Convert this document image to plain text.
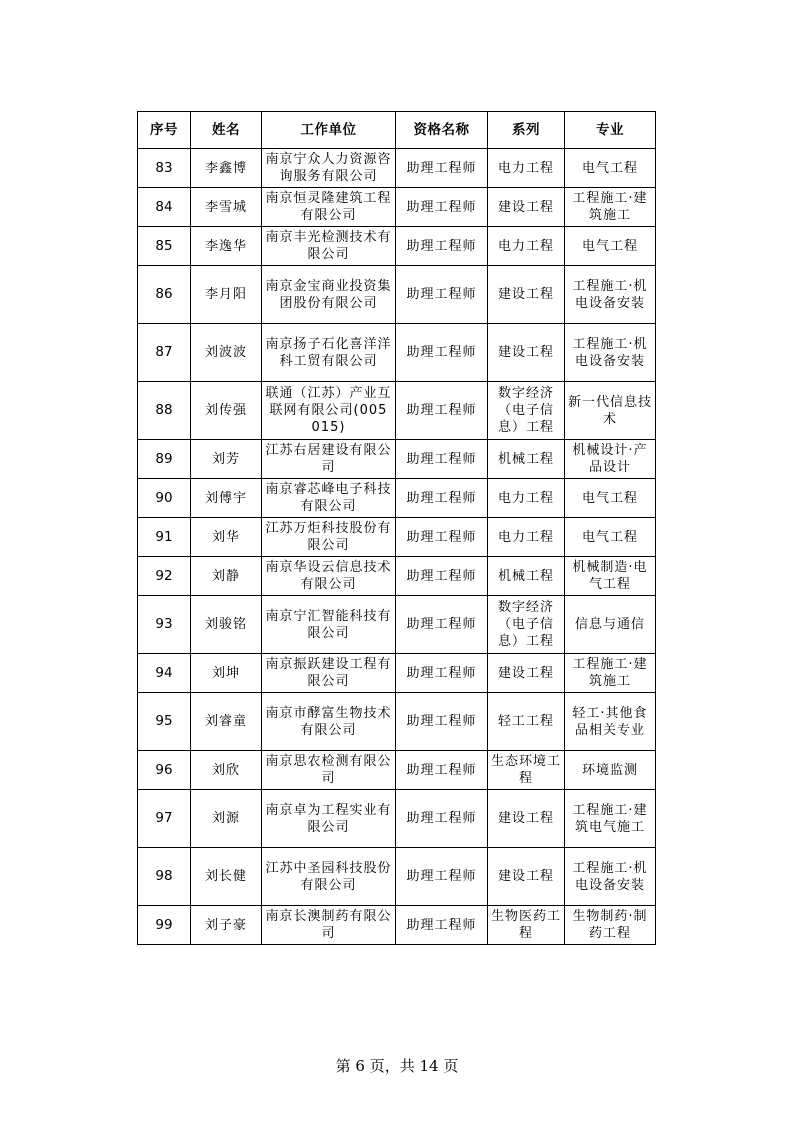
序号	姓名	工作单位	资格名称	系列	专业
83	李鑫博	南京宁众人力资源咨询服务有限公司	助理工程师	电力工程	电气工程
84	李雪城	南京恒灵隆建筑工程有限公司	助理工程师	建设工程	工程施工·建筑施工
85	李逸华	南京丰光检测技术有限公司	助理工程师	电力工程	电气工程
86	李月阳	南京金宝商业投资集团股份有限公司	助理工程师	建设工程	工程施工·机电设备安装
87	刘波波	南京扬子石化喜洋洋科工贸有限公司	助理工程师	建设工程	工程施工·机电设备安装
88	刘传强	联通（江苏）产业互联网有限公司(005015)	助理工程师	数字经济（电子信息）工程	新一代信息技术
89	刘芳	江苏右居建设有限公司	助理工程师	机械工程	机械设计·产品设计
90	刘傅宇	南京睿芯峰电子科技有限公司	助理工程师	电力工程	电气工程
91	刘华	江苏万炬科技股份有限公司	助理工程师	电力工程	电气工程
92	刘静	南京华设云信息技术有限公司	助理工程师	机械工程	机械制造·电气工程
93	刘骏铭	南京宁汇智能科技有限公司	助理工程师	数字经济（电子信息）工程	信息与通信
94	刘坤	南京振跃建设工程有限公司	助理工程师	建设工程	工程施工·建筑施工
95	刘睿童	南京市酵富生物技术有限公司	助理工程师	轻工工程	轻工·其他食品相关专业
96	刘欣	南京思农检测有限公司	助理工程师	生态环境工程	环境监测
97	刘源	南京卓为工程实业有限公司	助理工程师	建设工程	工程施工·建筑电气施工
98	刘长健	江苏中圣园科技股份有限公司	助理工程师	建设工程	工程施工·机电设备安装
99	刘子豪	南京长澳制药有限公司	助理工程师	生物医药工程	生物制药·制药工程
第 6 页，共 14 页
